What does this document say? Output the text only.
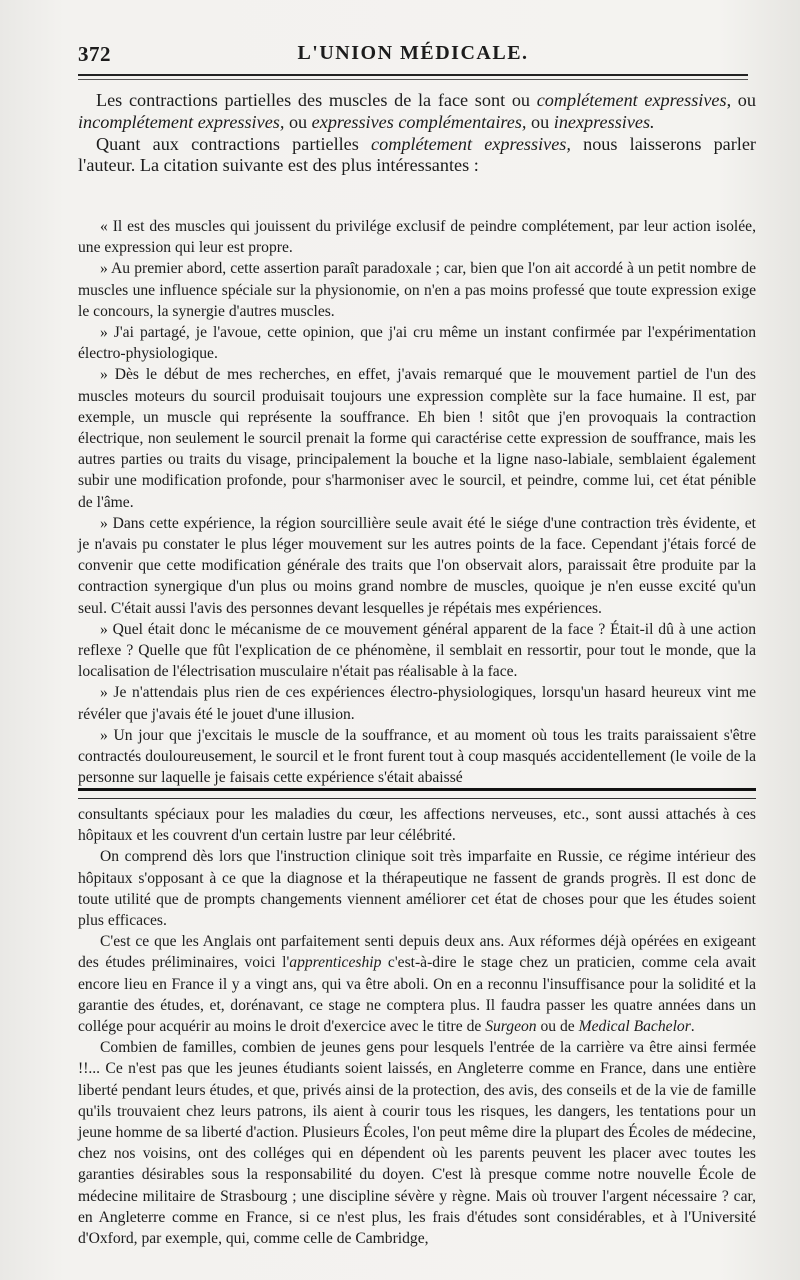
372	L'UNION MÉDICALE.

Les contractions partielles des muscles de la face sont ou complétement expressives, ou incomplétement expressives, ou expressives complémentaires, ou inexpressives.

Quant aux contractions partielles complétement expressives, nous laisserons parler l'auteur. La citation suivante est des plus intéressantes :

« Il est des muscles qui jouissent du privilége exclusif de peindre complétement, par leur action isolée, une expression qui leur est propre.

» Au premier abord, cette assertion paraît paradoxale ; car, bien que l'on ait accordé à un petit nombre de muscles une influence spéciale sur la physionomie, on n'en a pas moins professé que toute expression exige le concours, la synergie d'autres muscles.

» J'ai partagé, je l'avoue, cette opinion, que j'ai cru même un instant confirmée par l'expérimentation électro-physiologique.

» Dès le début de mes recherches, en effet, j'avais remarqué que le mouvement partiel de l'un des muscles moteurs du sourcil produisait toujours une expression complète sur la face humaine. Il est, par exemple, un muscle qui représente la souffrance. Eh bien ! sitôt que j'en provoquais la contraction électrique, non seulement le sourcil prenait la forme qui caractérise cette expression de souffrance, mais les autres parties ou traits du visage, principalement la bouche et la ligne naso-labiale, semblaient également subir une modification profonde, pour s'harmoniser avec le sourcil, et peindre, comme lui, cet état pénible de l'âme.

» Dans cette expérience, la région sourcillière seule avait été le siége d'une contraction très évidente, et je n'avais pu constater le plus léger mouvement sur les autres points de la face. Cependant j'étais forcé de convenir que cette modification générale des traits que l'on observait alors, paraissait être produite par la contraction synergique d'un plus ou moins grand nombre de muscles, quoique je n'en eusse excité qu'un seul. C'était aussi l'avis des personnes devant lesquelles je répétais mes expériences.

» Quel était donc le mécanisme de ce mouvement général apparent de la face ? Était-il dû à une action reflexe ? Quelle que fût l'explication de ce phénomène, il semblait en ressortir, pour tout le monde, que la localisation de l'électrisation musculaire n'était pas réalisable à la face.

» Je n'attendais plus rien de ces expériences électro-physiologiques, lorsqu'un hasard heureux vint me révéler que j'avais été le jouet d'une illusion.

» Un jour que j'excitais le muscle de la souffrance, et au moment où tous les traits paraissaient s'être contractés douloureusement, le sourcil et le front furent tout à coup masqués accidentellement (le voile de la personne sur laquelle je faisais cette expérience s'était abaissé

consultants spéciaux pour les maladies du cœur, les affections nerveuses, etc., sont aussi attachés à ces hôpitaux et les couvrent d'un certain lustre par leur célébrité.

On comprend dès lors que l'instruction clinique soit très imparfaite en Russie, ce régime intérieur des hôpitaux s'opposant à ce que la diagnose et la thérapeutique ne fassent de grands progrès. Il est donc de toute utilité que de prompts changements viennent améliorer cet état de choses pour que les études soient plus efficaces.

C'est ce que les Anglais ont parfaitement senti depuis deux ans. Aux réformes déjà opérées en exigeant des études préliminaires, voici l'apprenticeship c'est-à-dire le stage chez un praticien, comme cela avait encore lieu en France il y a vingt ans, qui va être aboli. On en a reconnu l'insuffisance pour la solidité et la garantie des études, et, dorénavant, ce stage ne comptera plus. Il faudra passer les quatre années dans un collége pour acquérir au moins le droit d'exercice avec le titre de Surgeon ou de Medical Bachelor.

Combien de familles, combien de jeunes gens pour lesquels l'entrée de la carrière va être ainsi fermée !!... Ce n'est pas que les jeunes étudiants soient laissés, en Angleterre comme en France, dans une entière liberté pendant leurs études, et que, privés ainsi de la protection, des avis, des conseils et de la vie de famille qu'ils trouvaient chez leurs patrons, ils aient à courir tous les risques, les dangers, les tentations pour un jeune homme de sa liberté d'action. Plusieurs Écoles, l'on peut même dire la plupart des Écoles de médecine, chez nos voisins, ont des colléges qui en dépendent où les parents peuvent les placer avec toutes les garanties désirables sous la responsabilité du doyen. C'est là presque comme notre nouvelle École de médecine militaire de Strasbourg ; une discipline sévère y règne. Mais où trouver l'argent nécessaire ? car, en Angleterre comme en France, si ce n'est plus, les frais d'études sont considérables, et à l'Université d'Oxford, par exemple, qui, comme celle de Cambridge,
